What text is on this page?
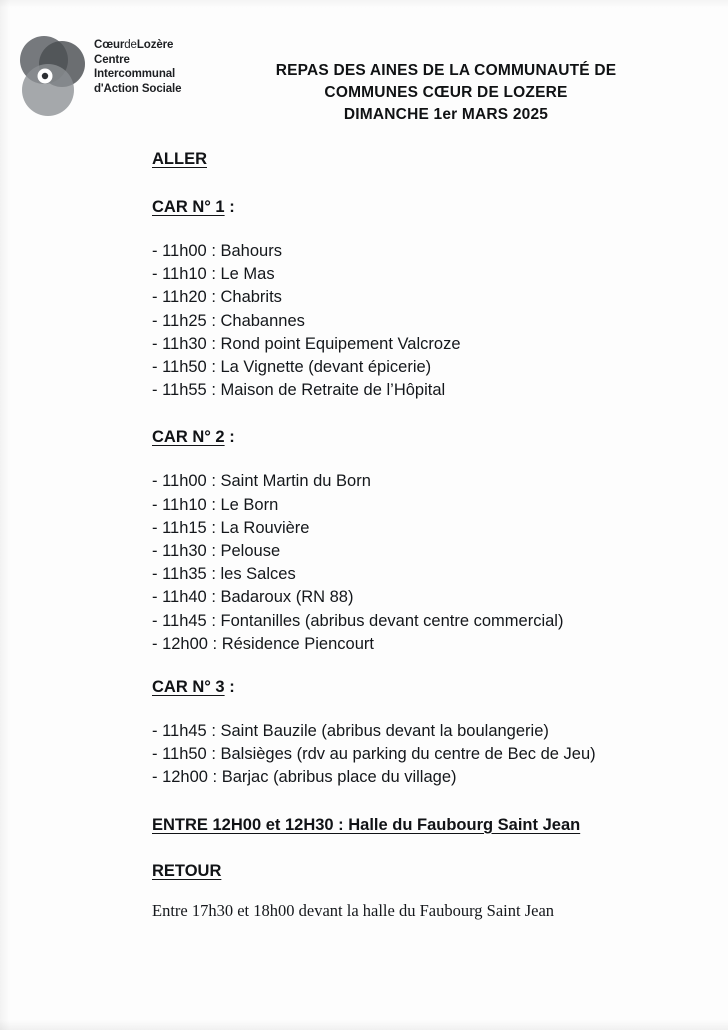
CœurdeLozère
Centre
Intercommunal
d'Action Sociale
REPAS DES AINES DE LA COMMUNAUTÉ DE
COMMUNES CŒUR DE LOZERE
DIMANCHE 1er MARS 2025
ALLER
CAR N° 1 :
- 11h00 : Bahours
- 11h10 : Le Mas
- 11h20 : Chabrits
- 11h25 : Chabannes
- 11h30 : Rond point Equipement Valcroze
- 11h50 : La Vignette (devant épicerie)
- 11h55 : Maison de Retraite de l’Hôpital
CAR N° 2 :
- 11h00 : Saint Martin du Born
- 11h10 : Le Born
- 11h15 : La Rouvière
- 11h30 : Pelouse
- 11h35 : les Salces
- 11h40 : Badaroux (RN 88)
- 11h45 : Fontanilles (abribus devant centre commercial)
- 12h00 : Résidence Piencourt
CAR N° 3 :
- 11h45 : Saint Bauzile (abribus devant la boulangerie)
- 11h50 : Balsièges (rdv au parking du centre de Bec de Jeu)
- 12h00 : Barjac (abribus place du village)
ENTRE 12H00 et 12H30 : Halle du Faubourg Saint Jean
RETOUR
Entre 17h30 et 18h00 devant la halle du Faubourg Saint Jean
